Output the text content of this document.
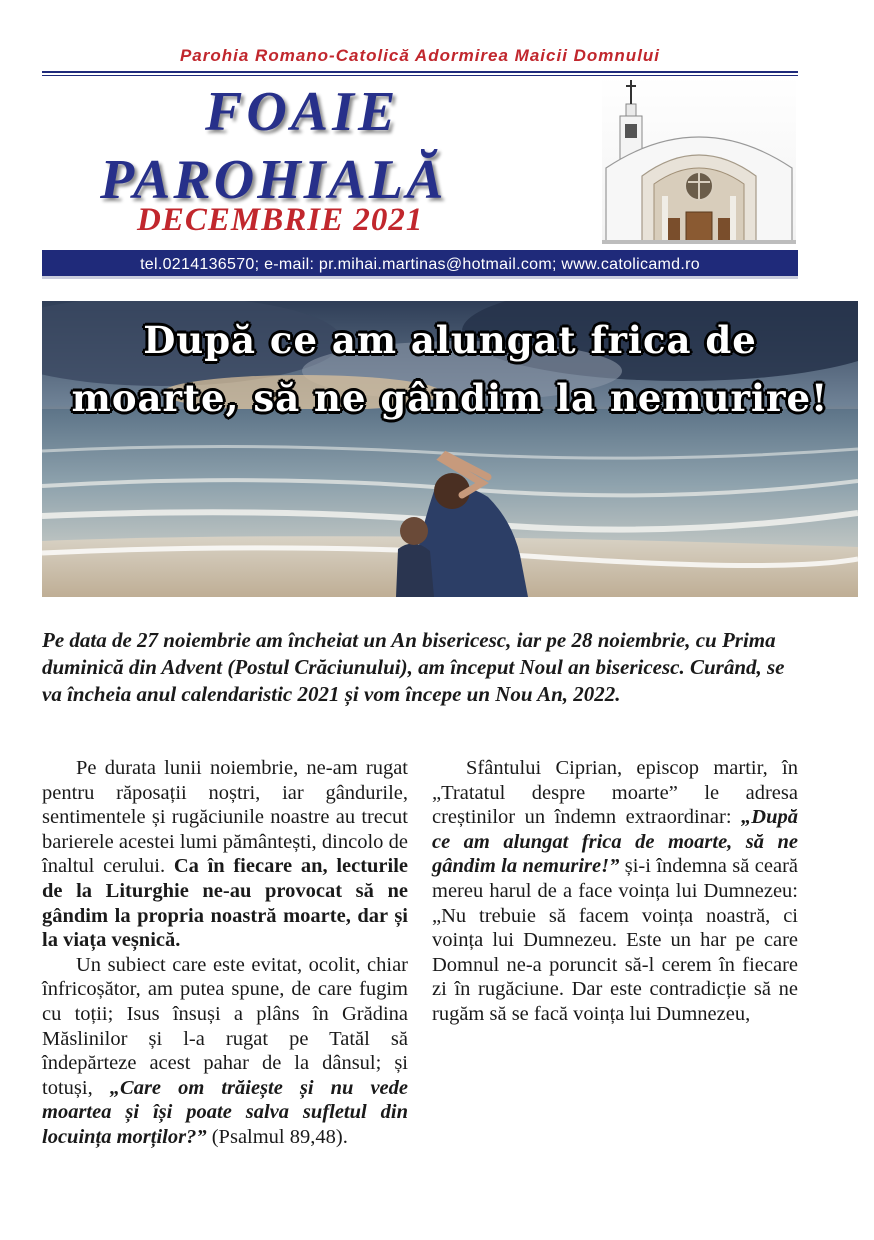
Parohia Romano-Catolică Adormirea Maicii Domnului
FOAIE
PAROHIALĂ
DECEMBRIE 2021
tel.0214136570; e-mail: pr.mihai.martinas@hotmail.com; www.catolicamd.ro
După ce am alungat frica de
moarte, să ne gândim la nemurire!
Pe data de 27 noiembrie am încheiat un An bisericesc, iar pe 28 noiembrie, cu Prima duminică din Advent (Postul Crăciunului), am început Noul an bisericesc. Curând, se va încheia anul calendaristic 2021 și vom începe un Nou An, 2022.

Pe durata lunii noiembrie, ne-am rugat pentru răposații noștri, iar gândurile, sentimentele și rugăciunile noastre au trecut barierele acestei lumi pământești, dincolo de înaltul cerului. Ca în fiecare an, lecturile de la Liturghie ne-au provocat să ne gândim la propria noastră moarte, dar și la viața veșnică.

Un subiect care este evitat, ocolit, chiar înfricoșător, am putea spune, de care fugim cu toții; Isus însuși a plâns în Grădina Măslinilor și l-a rugat pe Tatăl să îndepărteze acest pahar de la dânsul; și totuși, „Care om trăiește și nu vede moartea și își poate salva sufletul din locuința morților?” (Psalmul 89,48).

Sfântului Ciprian, episcop martir, în „Tratatul despre moarte” le adresa creștinilor un îndemn extraordinar: „După ce am alungat frica de moarte, să ne gândim la nemurire!” și-i îndemna să ceară mereu harul de a face voința lui Dumnezeu: „Nu trebuie să facem voința noastră, ci voința lui Dumnezeu. Este un har pe care Domnul ne-a poruncit să-l cerem în fiecare zi în rugăciune. Dar este contradicție să ne rugăm să se facă voința lui Dumnezeu,
